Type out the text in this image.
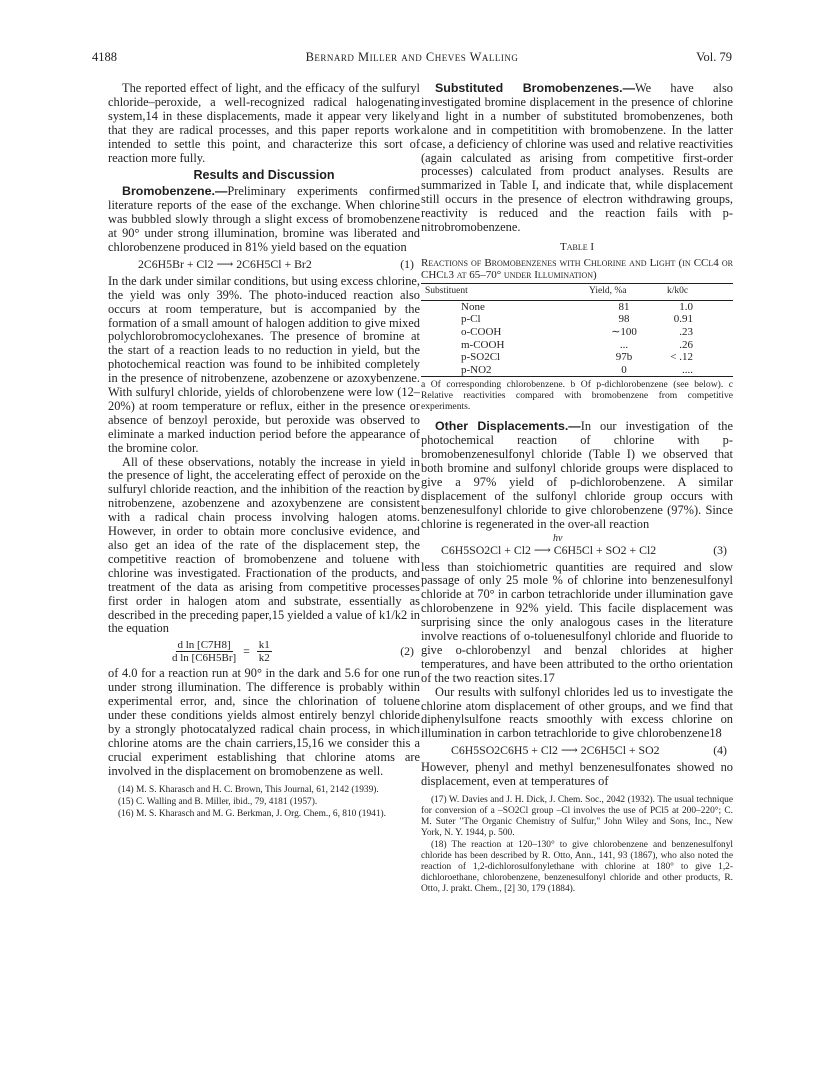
4188	Bernard Miller and Cheves Walling	Vol. 79

The reported effect of light, and the efficacy of the sulfuryl chloride–peroxide, a well-recognized radical halogenating system,14 in these displacements, made it appear very likely that they are radical processes, and this paper reports work intended to settle this point, and characterize this sort of reaction more fully.

Results and Discussion

Bromobenzene.—Preliminary experiments confirmed literature reports of the ease of the exchange. When chlorine was bubbled slowly through a slight excess of bromobenzene at 90° under strong illumination, bromine was liberated and chlorobenzene produced in 81% yield based on the equation

2C6H5Br + Cl2 ⟶ 2C6H5Cl + Br2	(1)

In the dark under similar conditions, but using excess chlorine, the yield was only 39%. The photo-induced reaction also occurs at room temperature, but is accompanied by the formation of a small amount of halogen addition to give mixed polychlorobromocyclohexanes. The presence of bromine at the start of a reaction leads to no reduction in yield, but the photochemical reaction was found to be inhibited completely in the presence of nitrobenzene, azobenzene or azoxybenzene. With sulfuryl chloride, yields of chlorobenzene were low (12–20%) at room temperature or reflux, either in the presence or absence of benzoyl peroxide, but peroxide was observed to eliminate a marked induction period before the appearance of the bromine color.

All of these observations, notably the increase in yield in the presence of light, the accelerating effect of peroxide on the sulfuryl chloride reaction, and the inhibition of the reaction by nitrobenzene, azobenzene and azoxybenzene are consistent with a radical chain process involving halogen atoms. However, in order to obtain more conclusive evidence, and also get an idea of the rate of the displacement step, the competitive reaction of bromobenzene and toluene with chlorine was investigated. Fractionation of the products, and treatment of the data as arising from competitive processes first order in halogen atom and substrate, essentially as described in the preceding paper,15 yielded a value of k1/k2 in the equation

$\frac{\text{d ln [C7H8]}}{\text{d ln [C6H5Br]}} = \frac{k1}{k2}$	(2)

of 4.0 for a reaction run at 90° in the dark and 5.6 for one run under strong illumination. The difference is probably within experimental error, and, since the chlorination of toluene under these conditions yields almost entirely benzyl chloride by a strongly photocatalyzed radical chain process, in which chlorine atoms are the chain carriers,15,16 we consider this a crucial experiment establishing that chlorine atoms are involved in the displacement on bromobenzene as well.

(14) M. S. Kharasch and H. C. Brown, This Journal, 61, 2142 (1939).

(15) C. Walling and B. Miller, ibid., 79, 4181 (1957).

(16) M. S. Kharasch and M. G. Berkman, J. Org. Chem., 6, 810 (1941).

Substituted Bromobenzenes.—We have also investigated bromine displacement in the presence of chlorine and light in a number of substituted bromobenzenes, both alone and in competitition with bromobenzene. In the latter case, a deficiency of chlorine was used and relative reactivities (again calculated as arising from competitive first-order processes) calculated from product analyses. Results are summarized in Table I, and indicate that, while displacement still occurs in the presence of electron withdrawing groups, reactivity is reduced and the reaction fails with p-nitrobromobenzene.

Table I
Reactions of Bromobenzenes with Chlorine and Light (in CCl4 or CHCl3 at 65–70° under Illumination)
Substituent	Yield, %a	k/k0c
None	81	1.0
p-Cl	98	0.91
o-COOH	∼100	.23
m-COOH	...	.26
p-SO2Cl	97b	< .12
p-NO2	0	....
a Of corresponding chlorobenzene. b Of p-dichlorobenzene (see below). c Relative reactivities compared with bromobenzene from competitive experiments.

Other Displacements.—In our investigation of the photochemical reaction of chlorine with p-bromobenzenesulfonyl chloride (Table I) we observed that both bromine and sulfonyl chloride groups were displaced to give a 97% yield of p-dichlorobenzene. A similar displacement of the sulfonyl chloride group occurs with benzenesulfonyl chloride to give chlorobenzene (97%). Since chlorine is regenerated in the over-all reaction

hν
C6H5SO2Cl + Cl2 ⟶ C6H5Cl + SO2 + Cl2	(3)

less than stoichiometric quantities are required and slow passage of only 25 mole % of chlorine into benzenesulfonyl chloride at 70° in carbon tetrachloride under illumination gave chlorobenzene in 92% yield. This facile displacement was surprising since the only analogous cases in the literature involve reactions of o-toluenesulfonyl chloride and fluoride to give o-chlorobenzyl and benzal chlorides at higher temperatures, and have been attributed to the ortho orientation of the two reaction sites.17

Our results with sulfonyl chlorides led us to investigate the chlorine atom displacement of other groups, and we find that diphenylsulfone reacts smoothly with excess chlorine on illumination in carbon tetrachloride to give chlorobenzene18

C6H5SO2C6H5 + Cl2 ⟶ 2C6H5Cl + SO2	(4)

However, phenyl and methyl benzenesulfonates showed no displacement, even at temperatures of

(17) W. Davies and J. H. Dick, J. Chem. Soc., 2042 (1932). The usual technique for conversion of a –SO2Cl group –Cl involves the use of PCl5 at 200–220°; C. M. Suter "The Organic Chemistry of Sulfur," John Wiley and Sons, Inc., New York, N. Y. 1944, p. 500.

(18) The reaction at 120–130° to give chlorobenzene and benzenesulfonyl chloride has been described by R. Otto, Ann., 141, 93 (1867), who also noted the reaction of 1,2-dichlorosulfonylethane with chlorine at 180° to give 1,2-dichloroethane, chlorobenzene, benzenesulfonyl chloride and other products, R. Otto, J. prakt. Chem., [2] 30, 179 (1884).
